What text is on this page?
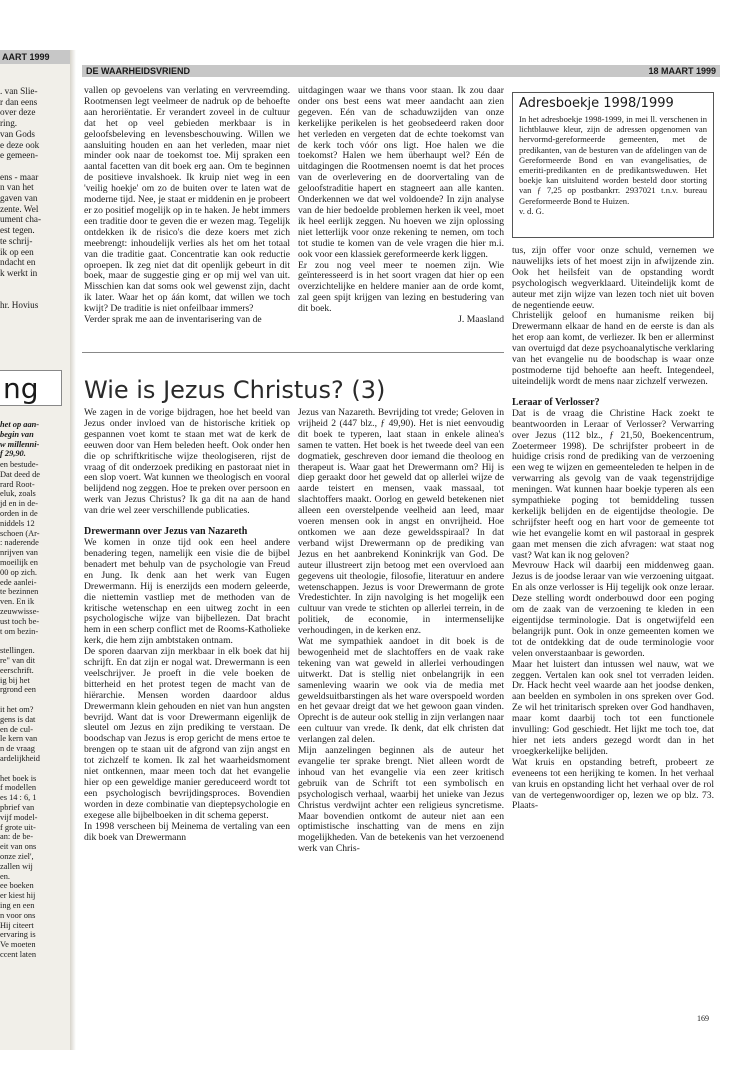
AART 1999
. van Slie-
r dan eens
over deze
ring.
van Gods
e deze ook
e gemeen-
ens - maar
n van het
gaven van
zente. Wel
ument cha-
est tegen.
te schrij-
ik op een
ndacht en
k werkt in
hr. Hovius
het op aan-
begin van
w millenni-
f 29,90.
en bestude-
Dat deed de
rard Root-
eluk, zoals
jd en in de-
orden in de
niddels 12
schoen (Ar-
: naderende
nrijven van
moeilijk en
00 op zich.
ede aanlei-
te bezinnen
ven. En ik
zeuwwisse-
ust toch be-
t om bezin-
stellingen.
re" van dit
eerschrift.
ig bij het
rgrond een
it het om?
gens is dat
en de cul-
le kern van
n de vraag
ardelijkheid
het boek is
f modellen
es 14 : 6, 1
pbrief van
vijf model-
f grote uit-
an: de be-
eit van ons
onze ziel',
zallen wij
en.
ee boeken
er kiest hij
ing en een
n voor ons
Hij citeert
ervaring is
Ve moeten
ccent laten
ng
DE WAARHEIDSVRIEND	18 MAART 1999

vallen op gevoelens van verlating en vervreemding. Rootmensen legt veelmeer de nadruk op de behoefte aan heroriëntatie. Er verandert zoveel in de cultuur dat het op veel gebieden merkbaar is in geloofsbeleving en levensbeschouwing. Willen we aansluiting houden en aan het verleden, maar niet minder ook naar de toekomst toe. Mij spraken een aantal facetten van dit boek erg aan. Om te beginnen de positieve invalshoek. Ik kruip niet weg in een 'veilig hoekje' om zo de buiten over te laten wat de moderne tijd. Nee, je staat er middenin en je probeert er zo positief mogelijk op in te haken. Je hebt immers een traditie door te geven die er wezen mag. Tegelijk ontdekken ik de risico's die deze koers met zich meebrengt: inhoudelijk verlies als het om het totaal van die traditie gaat. Concentratie kan ook reductie oproepen. Ik zeg niet dat dit openlijk gebeurt in dit boek, maar de suggestie ging er op mij wel van uit. Misschien kan dat soms ook wel gewenst zijn, dacht ik later. Waar het op áán komt, dat willen we toch kwijt? De traditie is niet onfeilbaar immers?

Verder sprak me aan de inventarisering van de

uitdagingen waar we thans voor staan. Ik zou daar onder ons best eens wat meer aandacht aan zien gegeven. Eén van de schaduwzijden van onze kerkelijke perikelen is het geobsedeerd raken door het verleden en vergeten dat de echte toekomst van de kerk toch vóór ons ligt. Hoe halen we die toekomst? Halen we hem überhaupt wel? Eén de uitdagingen die Rootmensen noemt is dat het proces van de overlevering en de doorvertaling van de geloofstraditie hapert en stagneert aan alle kanten. Onderkennen we dat wel voldoende? In zijn analyse van de hier bedoelde problemen herken ik veel, moet ik heel eerlijk zeggen. Nu hoeven we zijn oplossing niet letterlijk voor onze rekening te nemen, om toch tot studie te komen van de vele vragen die hier m.i. ook voor een klassiek gereformeerde kerk liggen.

Er zou nog veel meer te noemen zijn. Wie geïnteresseerd is in het soort vragen dat hier op een overzichtelijke en heldere manier aan de orde komt, zal geen spijt krijgen van lezing en bestudering van dit boek.

J. Maasland

Adresboekje 1998/1999
In het adresboekje 1998-1999, in mei ll. verschenen in lichtblauwe kleur, zijn de adressen opgenomen van hervormd-gereformeerde gemeenten, met de predikanten, van de besturen van de afdelingen van de Gereformeerde Bond en van evangelisaties, de emeriti-predikanten en de predikantsweduwen. Het boekje kan uitsluitend worden besteld door storting van ƒ 7,25 op postbankrr. 2937021 t.n.v. bureau Gereformeerde Bond te Huizen.
v. d. G.

tus, zijn offer voor onze schuld, vernemen we nauwelijks iets of het moest zijn in afwijzende zin. Ook het heilsfeit van de opstanding wordt psychologisch wegverklaard. Uiteindelijk komt de auteur met zijn wijze van lezen toch niet uit boven de negentiende eeuw.

Christelijk geloof en humanisme reiken bij Drewermann elkaar de hand en de eerste is dan als het erop aan komt, de verliezer. Ik ben er allerminst van overtuigd dat deze psychoanalytische verklaring van het evangelie nu de boodschap is waar onze postmoderne tijd behoefte aan heeft. Integendeel, uiteindelijk wordt de mens naar zichzelf verwezen.

Leraar of Verlosser?

Dat is de vraag die Christine Hack zoekt te beantwoorden in Leraar of Verlosser? Verwarring over Jezus (112 blz., ƒ 21,50, Boekencentrum, Zoetermeer 1998). De schrijfster probeert in de huidige crisis rond de prediking van de verzoening een weg te wijzen en gemeenteleden te helpen in de verwarring als gevolg van de vaak tegenstrijdige meningen. Wat kunnen haar boekje typeren als een sympathieke poging tot bemiddeling tussen kerkelijk belijden en de eigentijdse theologie. De schrijfster heeft oog en hart voor de gemeente tot wie het evangelie komt en wil pastoraal in gesprek gaan met mensen die zich afvragen: wat staat nog vast? Wat kan ik nog geloven?

Mevrouw Hack wil daarbij een middenweg gaan. Jezus is de joodse leraar van wie verzoening uitgaat. En als onze verlosser is Hij tegelijk ook onze leraar. Deze stelling wordt onderbouwd door een poging om de zaak van de verzoening te kleden in een eigentijdse terminologie. Dat is ongetwijfeld een belangrijk punt. Ook in onze gemeenten komen we tot de ontdekking dat de oude terminologie voor velen onverstaanbaar is geworden.

Maar het luistert dan intussen wel nauw, wat we zeggen. Vertalen kan ook snel tot verraden leiden. Dr. Hack hecht veel waarde aan het joodse denken, aan beelden en symbolen in ons spreken over God. Ze wil het trinitarisch spreken over God handhaven, maar komt daarbij toch tot een functionele invulling: God geschiedt. Het lijkt me toch toe, dat hier net iets anders gezegd wordt dan in het vroegkerkelijke belijden.

Wat kruis en opstanding betreft, probeert ze eveneens tot een herijking te komen. In het verhaal van kruis en opstanding licht het verhaal over de rol van de vertegenwoordiger op, lezen we op blz. 73. Plaats-

Wie is Jezus Christus? (3)

We zagen in de vorige bijdragen, hoe het beeld van Jezus onder invloed van de historische kritiek op gespannen voet komt te staan met wat de kerk de eeuwen door van Hem beleden heeft. Ook onder hen die op schriftkritische wijze theologiseren, rijst de vraag of dit onderzoek prediking en pastoraat niet in een slop voert. Wat kunnen we theologisch en vooral belijdend nog zeggen. Hoe te preken over persoon en werk van Jezus Christus? Ik ga dit na aan de hand van drie wel zeer verschillende publicaties.

Drewermann over Jezus van Nazareth

We komen in onze tijd ook een heel andere benadering tegen, namelijk een visie die de bijbel benadert met behulp van de psychologie van Freud en Jung. Ik denk aan het werk van Eugen Drewermann. Hij is enerzijds een modern geleerde, die niettemin vastliep met de methoden van de kritische wetenschap en een uitweg zocht in een psychologische wijze van bijbellezen. Dat bracht hem in een scherp conflict met de Rooms-Katholieke kerk, die hem zijn ambtstaken ontnam.

De sporen daarvan zijn merkbaar in elk boek dat hij schrijft. En dat zijn er nogal wat. Drewermann is een veelschrijver. Je proeft in die vele boeken de bitterheid en het protest tegen de macht van de hiërarchie. Mensen worden daardoor aldus Drewermann klein gehouden en niet van hun angsten bevrijd. Want dat is voor Drewermann eigenlijk de sleutel om Jezus en zijn prediking te verstaan. De boodschap van Jezus is erop gericht de mens ertoe te brengen op te staan uit de afgrond van zijn angst en tot zichzelf te komen. Ik zal het waarheidsmoment niet ontkennen, maar meen toch dat het evangelie hier op een geweldige manier gereduceerd wordt tot een psychologisch bevrijdingsproces. Bovendien worden in deze combinatie van dieptepsychologie en exegese alle bijbelboeken in dit schema geperst.

In 1998 verscheen bij Meinema de vertaling van een dik boek van Drewermann

Jezus van Nazareth. Bevrijding tot vrede; Geloven in vrijheid 2 (447 blz., ƒ 49,90). Het is niet eenvoudig dit boek te typeren, laat staan in enkele alinea's samen te vatten. Het boek is het tweede deel van een dogmatiek, geschreven door iemand die theoloog en therapeut is. Waar gaat het Drewermann om? Hij is diep geraakt door het geweld dat op allerlei wijze de aarde teistert en mensen, vaak massaal, tot slachtoffers maakt. Oorlog en geweld betekenen niet alleen een overstelpende veelheid aan leed, maar voeren mensen ook in angst en onvrijheid. Hoe ontkomen we aan deze geweldsspiraal? In dat verband wijst Drewermann op de prediking van Jezus en het aanbrekend Koninkrijk van God. De auteur illustreert zijn betoog met een overvloed aan gegevens uit theologie, filosofie, literatuur en andere wetenschappen. Jezus is voor Drewermann de grote Vredestichter. In zijn navolging is het mogelijk een cultuur van vrede te stichten op allerlei terrein, in de politiek, de economie, in intermenselijke verhoudingen, in de kerken enz.

Wat me sympathiek aandoet in dit boek is de bewogenheid met de slachtoffers en de vaak rake tekening van wat geweld in allerlei verhoudingen uitwerkt. Dat is stellig niet onbelangrijk in een samenleving waarin we ook via de media met geweldsuitbarstingen als het ware overspoeld worden en het gevaar dreigt dat we het gewoon gaan vinden. Oprecht is de auteur ook stellig in zijn verlangen naar een cultuur van vrede. Ik denk, dat elk christen dat verlangen zal delen.

Mijn aanzelingen beginnen als de auteur het evangelie ter sprake brengt. Niet alleen wordt de inhoud van het evangelie via een zeer kritisch gebruik van de Schrift tot een symbolisch en psychologisch verhaal, waarbij het unieke van Jezus Christus verdwijnt achter een religieus syncretisme. Maar bovendien ontkomt de auteur niet aan een optimistische inschatting van de mens en zijn mogelijkheden. Van de betekenis van het verzoenend werk van Chris-

169
